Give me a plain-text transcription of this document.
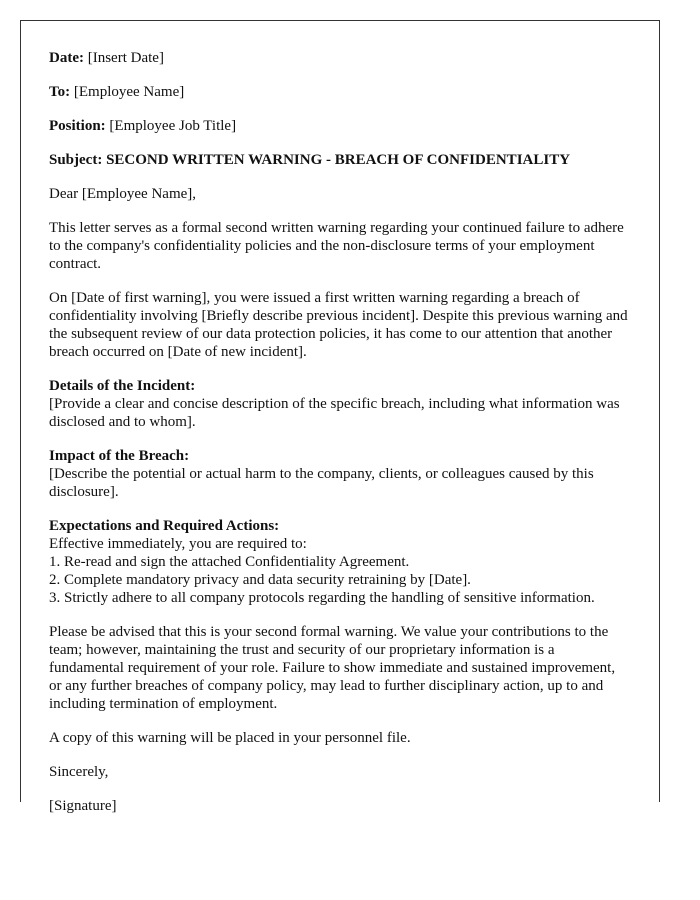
Date: [Insert Date]

To: [Employee Name]

Position: [Employee Job Title]

Subject: SECOND WRITTEN WARNING - BREACH OF CONFIDENTIALITY

Dear [Employee Name],

This letter serves as a formal second written warning regarding your continued failure to adhere to the company's confidentiality policies and the non-disclosure terms of your employment contract.

On [Date of first warning], you were issued a first written warning regarding a breach of confidentiality involving [Briefly describe previous incident]. Despite this previous warning and the subsequent review of our data protection policies, it has come to our attention that another breach occurred on [Date of new incident].

Details of the Incident:
[Provide a clear and concise description of the specific breach, including what information was disclosed and to whom].
Impact of the Breach:
[Describe the potential or actual harm to the company, clients, or colleagues caused by this disclosure].
Expectations and Required Actions:
Effective immediately, you are required to:
1. Re-read and sign the attached Confidentiality Agreement.
2. Complete mandatory privacy and data security retraining by [Date].
3. Strictly adhere to all company protocols regarding the handling of sensitive information.

Please be advised that this is your second formal warning. We value your contributions to the team; however, maintaining the trust and security of our proprietary information is a fundamental requirement of your role. Failure to show immediate and sustained improvement, or any further breaches of company policy, may lead to further disciplinary action, up to and including termination of employment.

A copy of this warning will be placed in your personnel file.

Sincerely,

[Signature]
